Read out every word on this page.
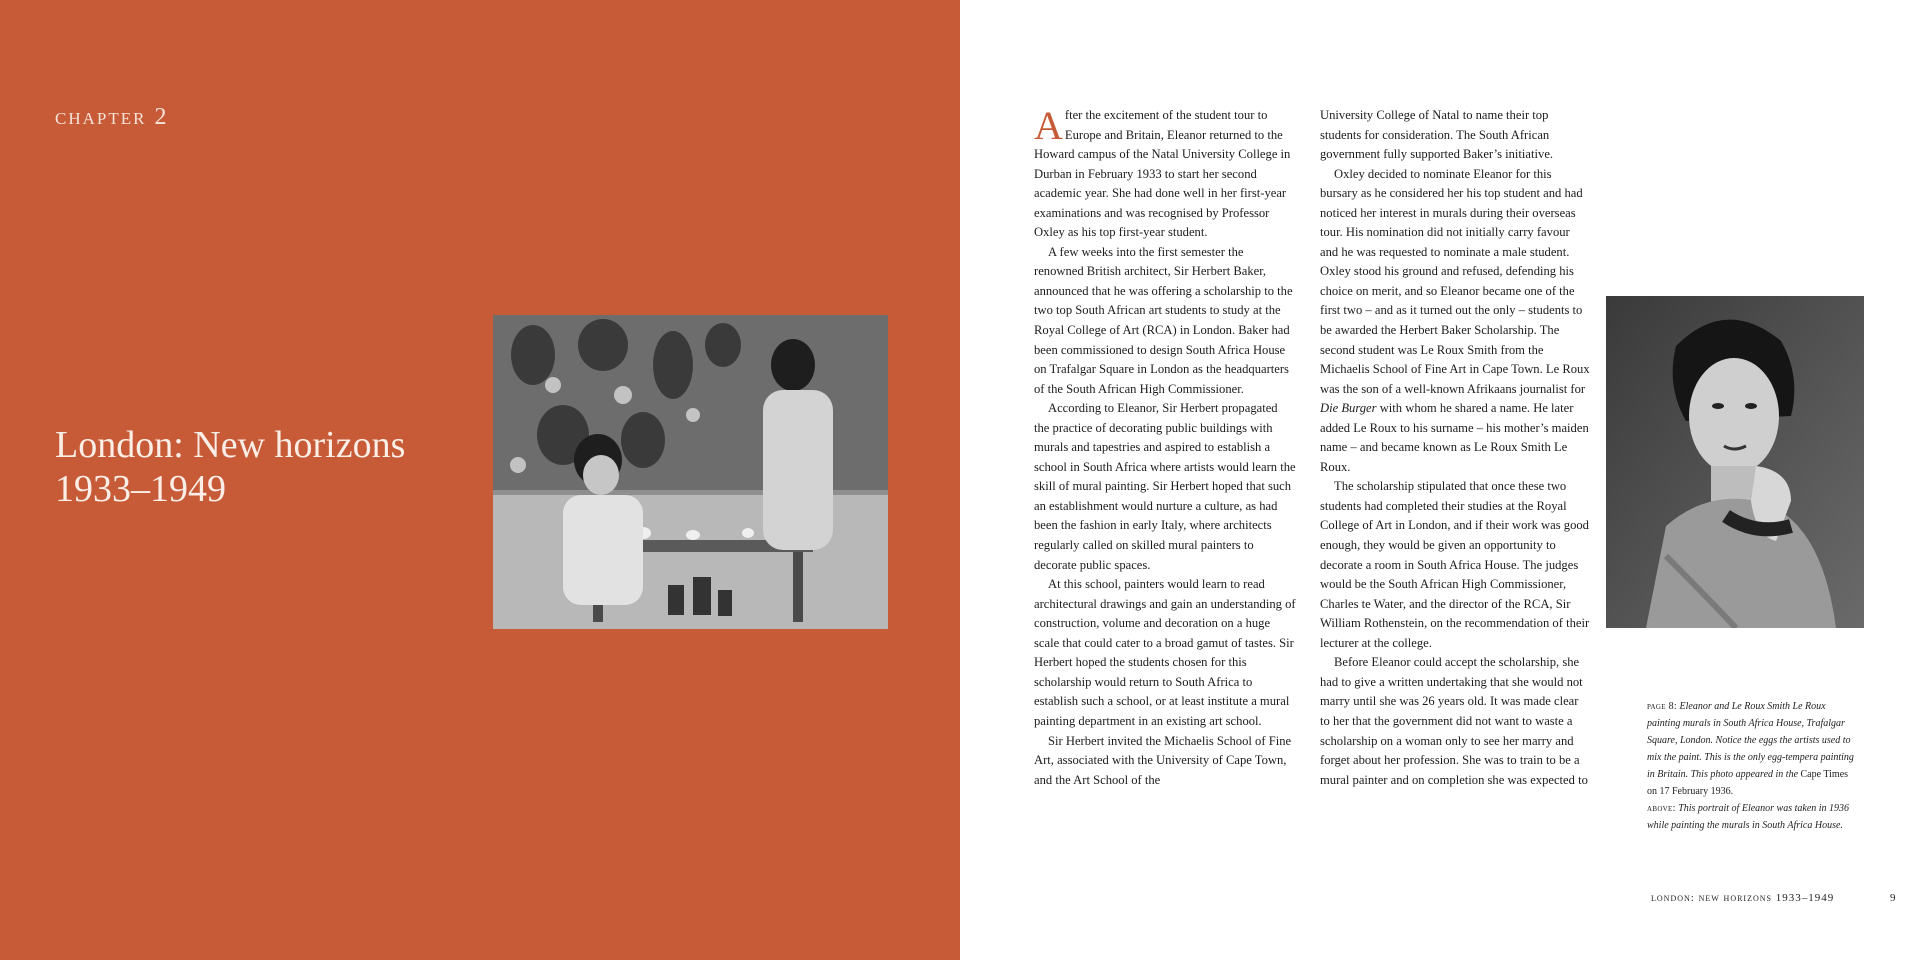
chapter 2
London: New horizons
1933–1949

After the excitement of the student tour to Europe and Britain, Eleanor returned to the Howard campus of the Natal University College in Durban in February 1933 to start her second academic year. She had done well in her first-year examinations and was recognised by Professor Oxley as his top first-year student.

A few weeks into the first semester the renowned British architect, Sir Herbert Baker, announced that he was offering a scholarship to the two top South African art students to study at the Royal College of Art (RCA) in London. Baker had been commissioned to design South Africa House on Trafalgar Square in London as the headquarters of the South African High Commissioner.

According to Eleanor, Sir Herbert propagated the practice of decorating public buildings with murals and tapestries and aspired to establish a school in South Africa where artists would learn the skill of mural painting. Sir Herbert hoped that such an establishment would nurture a culture, as had been the fashion in early Italy, where architects regularly called on skilled mural painters to decorate public spaces.

At this school, painters would learn to read architectural drawings and gain an understanding of construction, volume and decoration on a huge scale that could cater to a broad gamut of tastes. Sir Herbert hoped the students chosen for this scholarship would return to South Africa to establish such a school, or at least institute a mural painting department in an existing art school.

Sir Herbert invited the Michaelis School of Fine Art, associated with the University of Cape Town, and the Art School of the

University College of Natal to name their top students for consideration. The South African government fully supported Baker’s initiative.

Oxley decided to nominate Eleanor for this bursary as he considered her his top student and had noticed her interest in murals during their overseas tour. His nomination did not initially carry favour and he was requested to nominate a male student. Oxley stood his ground and refused, defending his choice on merit, and so Eleanor became one of the first two – and as it turned out the only – students to be awarded the Herbert Baker Scholarship. The second student was Le Roux Smith from the Michaelis School of Fine Art in Cape Town. Le Roux was the son of a well-known Afrikaans journalist for Die Burger with whom he shared a name. He later added Le Roux to his surname – his mother’s maiden name – and became known as Le Roux Smith Le Roux.

The scholarship stipulated that once these two students had completed their studies at the Royal College of Art in London, and if their work was good enough, they would be given an opportunity to decorate a room in South Africa House. The judges would be the South African High Commissioner, Charles te Water, and the director of the RCA, Sir William Rothenstein, on the recommendation of their lecturer at the college.

Before Eleanor could accept the scholarship, she had to give a written undertaking that she would not marry until she was 26 years old. It was made clear to her that the government did not want to waste a scholarship on a woman only to see her marry and forget about her profession. She was to train to be a mural painter and on completion she was expected to

page 8: Eleanor and Le Roux Smith Le Roux painting murals in South Africa House, Trafalgar Square, London. Notice the eggs the artists used to mix the paint. This is the only egg-tempera painting in Britain. This photo appeared in the Cape Times on 17 February 1936.

above: This portrait of Eleanor was taken in 1936 while painting the murals in South Africa House.

london: new horizons 1933–1949	9
